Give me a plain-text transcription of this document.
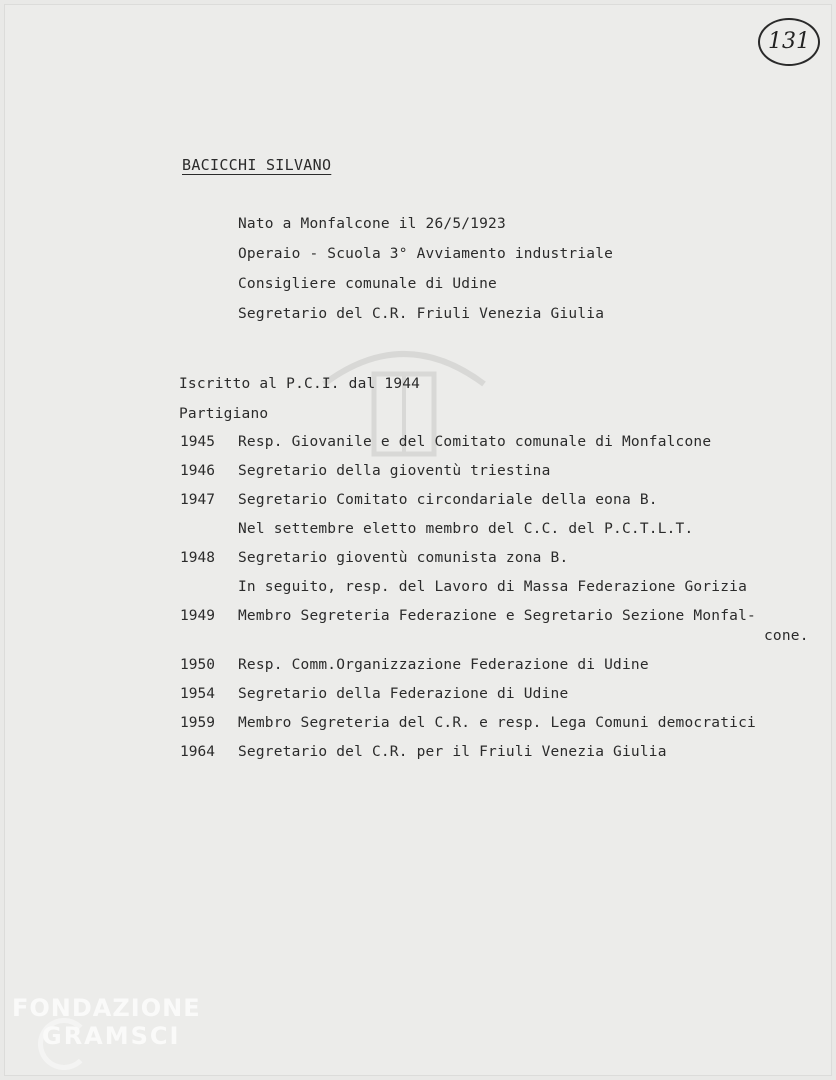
131
BACICCHI SILVANO
Nato a Monfalcone il 26/5/1923
Operaio - Scuola 3° Avviamento industriale
Consigliere comunale di Udine
Segretario del C.R. Friuli Venezia Giulia
Iscritto al P.C.I. dal 1944
Partigiano
1945 Resp. Giovanile e del Comitato comunale di Monfalcone
1946 Segretario della gioventù triestina
1947 Segretario Comitato circondariale della eona B.
Nel settembre eletto membro del C.C. del P.C.T.L.T.
1948 Segretario gioventù comunista zona B.
In seguito, resp. del Lavoro di Massa Federazione Gorizia
1949 Membro Segreteria Federazione e Segretario Sezione Monfal-
cone.
1950 Resp. Comm.Organizzazione Federazione di Udine
1954 Segretario della Federazione di Udine
1959 Membro Segreteria del C.R. e resp. Lega Comuni democratici
1964 Segretario del C.R. per il Friuli Venezia Giulia
FONDAZIONE
GRAMSCI
